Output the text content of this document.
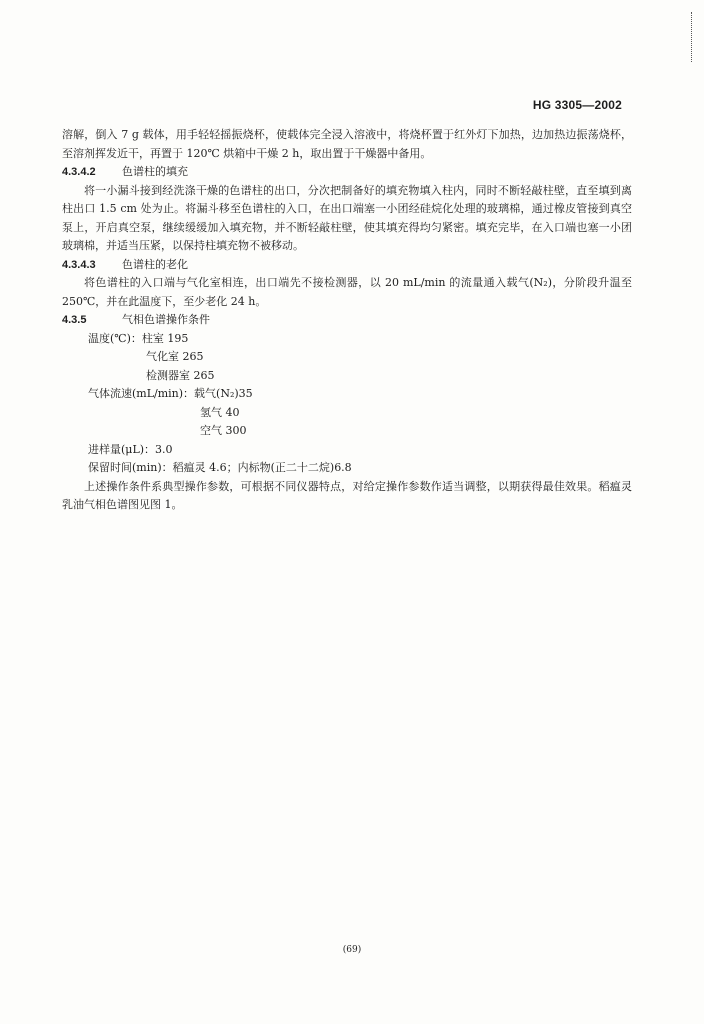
HG 3305—2002

溶解，倒入 7 g 载体，用手轻轻摇振烧杯，使载体完全浸入溶液中，将烧杯置于红外灯下加热，边加热边振荡烧杯，至溶剂挥发近干，再置于 120℃ 烘箱中干燥 2 h，取出置于干燥器中备用。

4.3.4.2	色谱柱的填充

将一小漏斗接到经洗涤干燥的色谱柱的出口，分次把制备好的填充物填入柱内，同时不断轻敲柱壁，直至填到离柱出口 1.5 cm 处为止。将漏斗移至色谱柱的入口，在出口端塞一小团经硅烷化处理的玻璃棉，通过橡皮管接到真空泵上，开启真空泵，继续缓缓加入填充物，并不断轻敲柱壁，使其填充得均匀紧密。填充完毕，在入口端也塞一小团玻璃棉，并适当压紧，以保持柱填充物不被移动。

4.3.4.3	色谱柱的老化

将色谱柱的入口端与气化室相连，出口端先不接检测器，以 20 mL/min 的流量通入载气(N₂)，分阶段升温至 250℃，并在此温度下，至少老化 24 h。

4.3.5	气相色谱操作条件

温度(℃)：柱室 195

气化室 265

检测器室 265

气体流速(mL/min)：载气(N₂)35

氢气 40

空气 300

进样量(μL)：3.0

保留时间(min)：稻瘟灵 4.6；内标物(正二十二烷)6.8

上述操作条件系典型操作参数，可根据不同仪器特点，对给定操作参数作适当调整，以期获得最佳效果。稻瘟灵乳油气相色谱图见图 1。

(69)
